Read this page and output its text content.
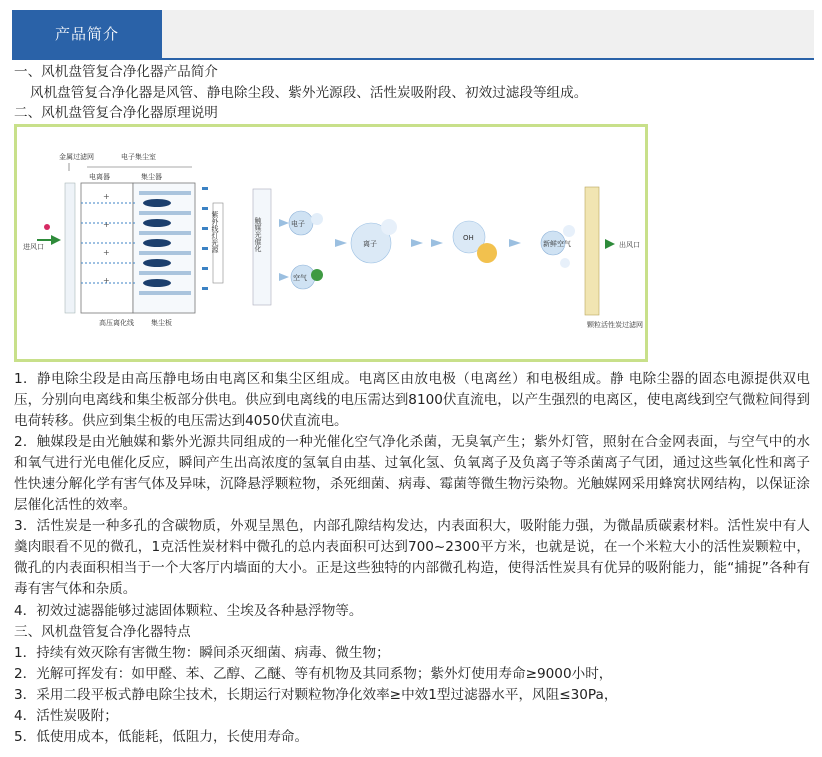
产品简介
一、风机盘管复合净化器产品简介
风机盘管复合净化器是风管、静电除尘段、紫外光源段、活性炭吸附段、初效过滤段等组成。
二、风机盘管复合净化器原理说明
金属过滤网	电子集尘室
电离器	集尘器
+
+
+
+
进风口
高压离化线 集尘板
紫外线灯光源	触媒光催化	电子
空气
离子
OH
新鲜空气
颗粒活性炭过滤网
出风口
1．静电除尘段是由高压静电场由电离区和集尘区组成。电离区由放电极（电离丝）和电极组成。静 电除尘器的固态电源提供双电压，分别向电离线和集尘板部分供电。供应到电离线的电压需达到8100伏直流电，以产生强烈的电离区，使电离线到空气微粒间得到电荷转移。供应到集尘板的电压需达到4050伏直流电。
2．触媒段是由光触媒和紫外光源共同组成的一种光催化空气净化杀菌，无臭氧产生；紫外灯管，照射在合金网表面，与空气中的水和氧气进行光电催化反应，瞬间产生出高浓度的氢氧自由基、过氧化氢、负氧离子及负离子等杀菌离子气团，通过这些氧化性和离子性快速分解化学有害气体及异味，沉降悬浮颗粒物，杀死细菌、病毒、霉菌等微生物污染物。光触媒网采用蜂窝状网结构，以保证涂层催化活性的效率。
3．活性炭是一种多孔的含碳物质，外观呈黑色，内部孔隙结构发达，内表面积大，吸附能力强，为微晶质碳素材料。活性炭中有人羹肉眼看不见的微孔，1克活性炭材料中微孔的总内表面积可达到700~2300平方米，也就是说，在一个米粒大小的活性炭颗粒中，微孔的内表面积相当于一个大客厅内墙面的大小。正是这些独特的内部微孔构造，使得活性炭具有优异的吸附能力，能“捕捉”各种有毒有害气体和杂质。
4．初效过滤器能够过滤固体颗粒、尘埃及各种悬浮物等。
三、风机盘管复合净化器特点
1．持续有效灭除有害微生物：瞬间杀灭细菌、病毒、微生物；
2．光解可挥发有：如甲醛、苯、乙醇、乙醚、等有机物及其同系物；紫外灯使用寿命≥9000小时，
3．采用二段平板式静电除尘技术，长期运行对颗粒物净化效率≥中效1型过滤器水平，风阻≤30Pa，
4．活性炭吸附；
5．低使用成本，低能耗，低阻力，长使用寿命。
